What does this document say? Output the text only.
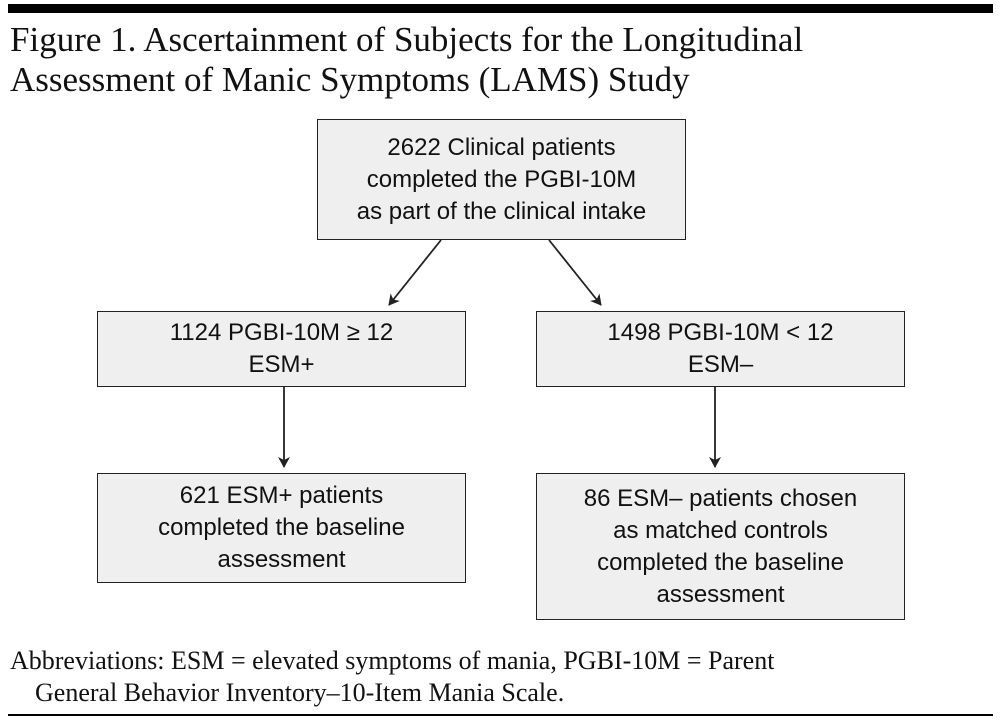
Figure 1. Ascertainment of Subjects for the Longitudinal
Assessment of Manic Symptoms (LAMS) Study
2622 Clinical patients
completed the PGBI-10M
as part of the clinical intake
1124 PGBI-10M ≥ 12
ESM+
1498 PGBI-10M < 12
ESM–
621 ESM+ patients
completed the baseline
assessment
86 ESM– patients chosen
as matched controls
completed the baseline
assessment
Abbreviations: ESM = elevated symptoms of mania, PGBI-10M = Parent
General Behavior Inventory–10-Item Mania Scale.
